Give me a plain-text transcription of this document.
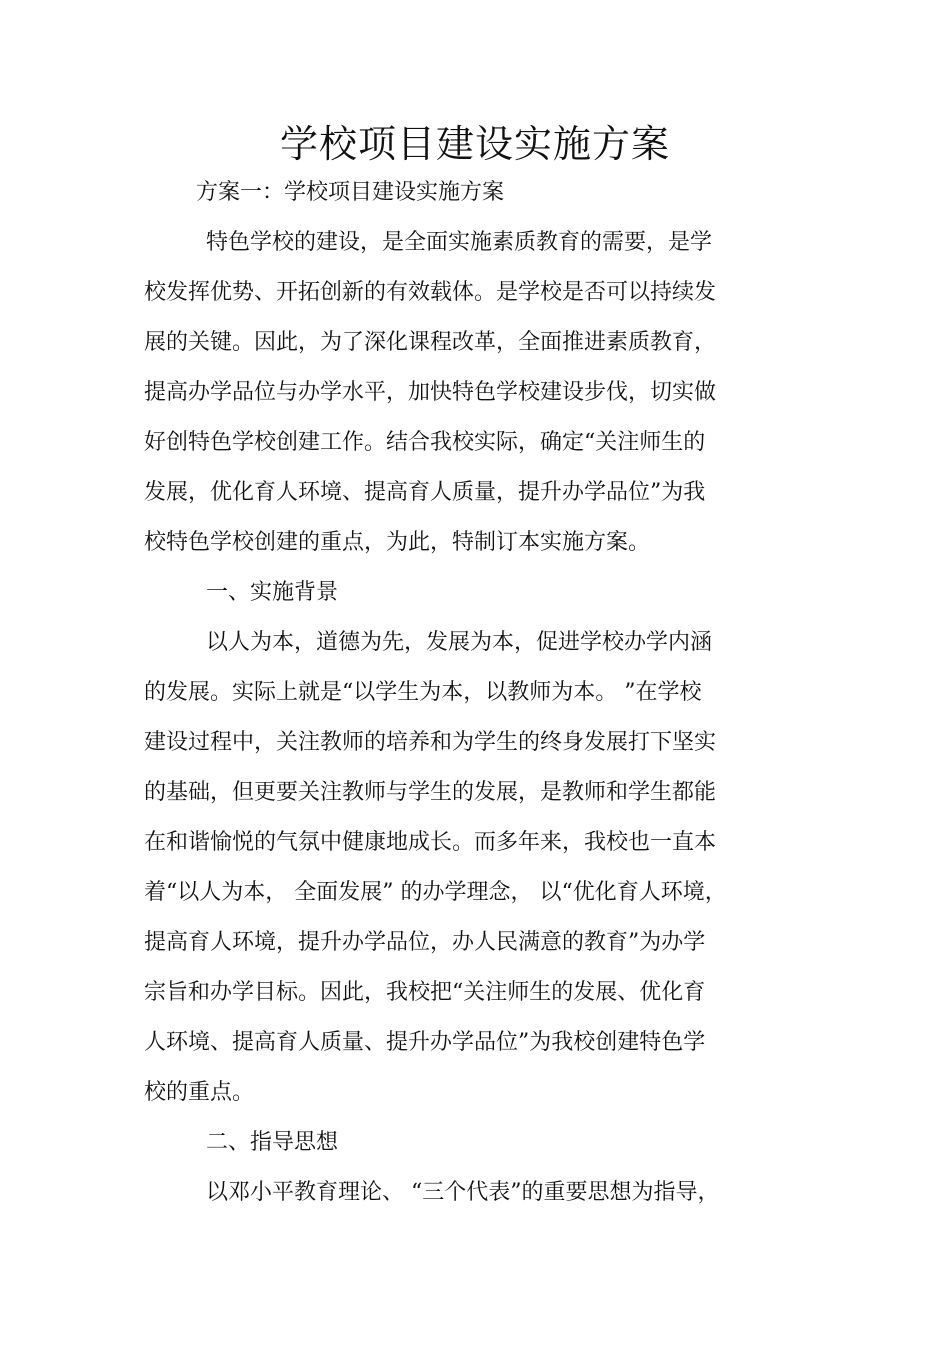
学校项目建设实施方案
方案一：学校项目建设实施方案
特色学校的建设，是全面实施素质教育的需要，是学
校发挥优势、开拓创新的有效载体。是学校是否可以持续发
展的关键。因此，为了深化课程改革，全面推进素质教育，
提高办学品位与办学水平，加快特色学校建设步伐，切实做
好创特色学校创建工作。结合我校实际，确定“关注师生的
发展，优化育人环境、提高育人质量，提升办学品位”为我
校特色学校创建的重点，为此，特制订本实施方案。
一、实施背景
以人为本，道德为先，发展为本，促进学校办学内涵
的发展。实际上就是“以学生为本，以教师为本。 ”在学校
建设过程中，关注教师的培养和为学生的终身发展打下坚实
的基础，但更要关注教师与学生的发展，是教师和学生都能
在和谐愉悦的气氛中健康地成长。而多年来，我校也一直本
着“以人为本， 全面发展” 的办学理念， 以“优化育人环境，
提高育人环境，提升办学品位，办人民满意的教育”为办学
宗旨和办学目标。因此，我校把“关注师生的发展、优化育
人环境、提高育人质量、提升办学品位”为我校创建特色学
校的重点。
二、指导思想
以邓小平教育理论、 “三个代表”的重要思想为指导，
